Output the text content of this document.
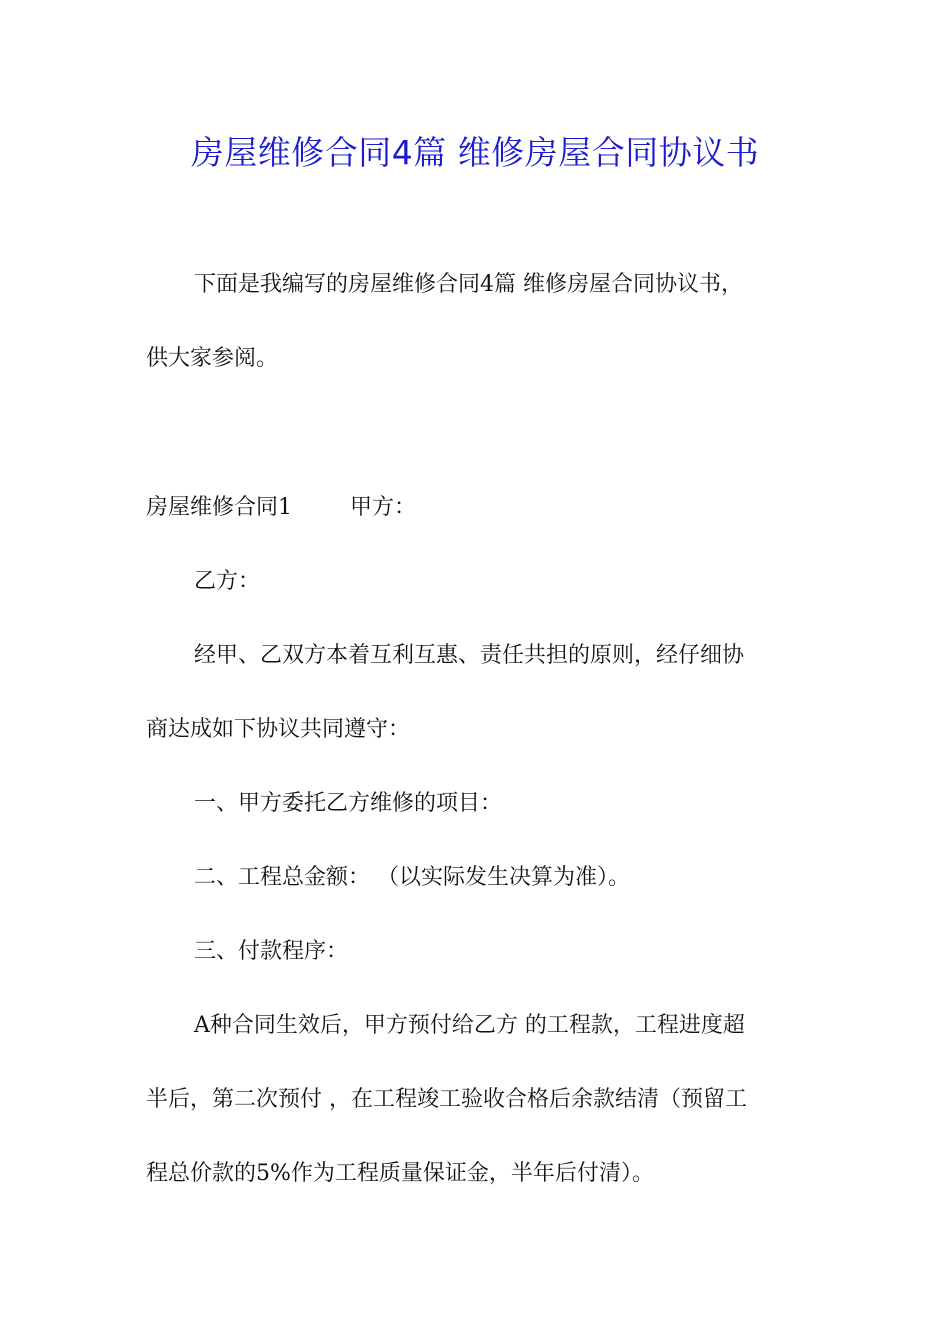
房屋维修合同4篇 维修房屋合同协议书
下面是我编写的房屋维修合同4篇 维修房屋合同协议书，
供大家参阅。
房屋维修合同1	甲方：
乙方：
经甲、乙双方本着互利互惠、责任共担的原则，经仔细协
商达成如下协议共同遵守：
一、甲方委托乙方维修的项目：
二、工程总金额： （以实际发生决算为准）。
三、付款程序：
A种合同生效后，甲方预付给乙方 的工程款，工程进度超
半后，第二次预付 ，在工程竣工验收合格后余款结清（预留工
程总价款的5%作为工程质量保证金，半年后付清）。
